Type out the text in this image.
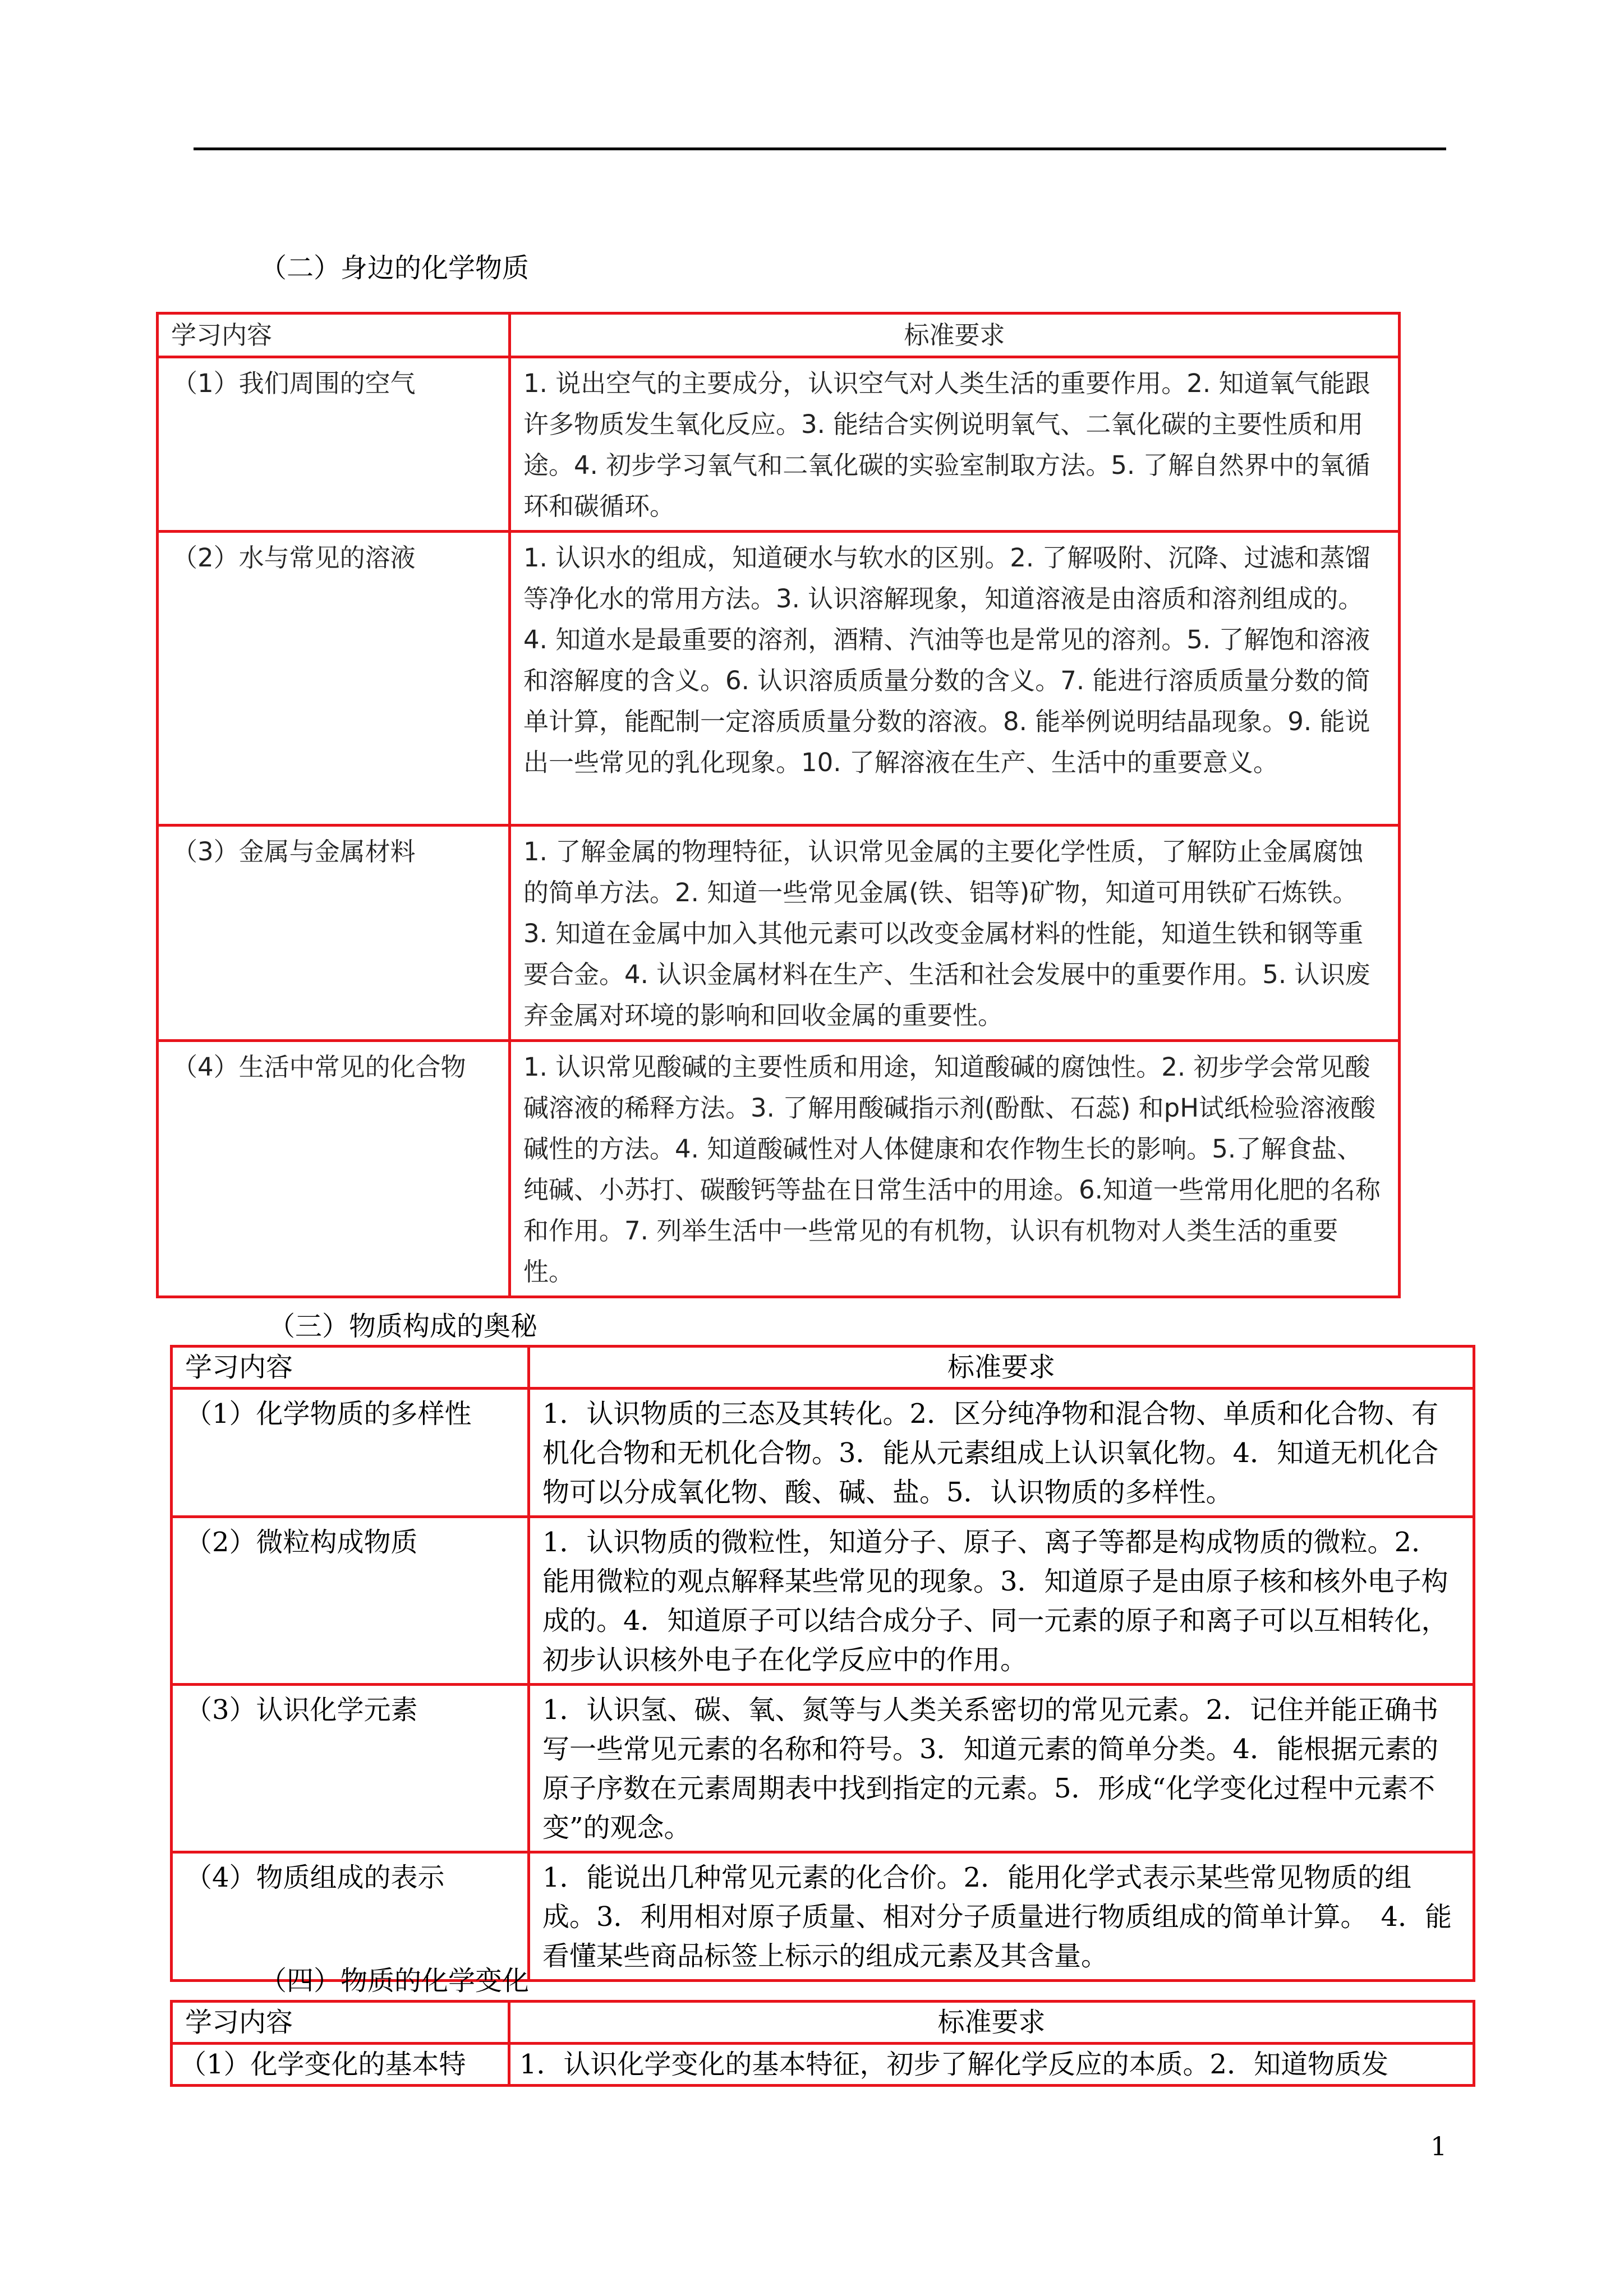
（二）身边的化学物质
学习内容	标准要求
（1）我们周围的空气	1. 说出空气的主要成分，认识空气对人类生活的重要作用。2. 知道氧气能跟许多物质发生氧化反应。3. 能结合实例说明氧气、二氧化碳的主要性质和用途。4. 初步学习氧气和二氧化碳的实验室制取方法。5. 了解自然界中的氧循环和碳循环。
（2）水与常见的溶液	1. 认识水的组成，知道硬水与软水的区别。2. 了解吸附、沉降、过滤和蒸馏等净化水的常用方法。3. 认识溶解现象，知道溶液是由溶质和溶剂组成的。4. 知道水是最重要的溶剂，酒精、汽油等也是常见的溶剂。5. 了解饱和溶液和溶解度的含义。6. 认识溶质质量分数的含义。7. 能进行溶质质量分数的简单计算，能配制一定溶质质量分数的溶液。8. 能举例说明结晶现象。9. 能说出一些常见的乳化现象。10. 了解溶液在生产、生活中的重要意义。
（3）金属与金属材料	1. 了解金属的物理特征，认识常见金属的主要化学性质，了解防止金属腐蚀的简单方法。2. 知道一些常见金属(铁、铝等)矿物，知道可用铁矿石炼铁。 3. 知道在金属中加入其他元素可以改变金属材料的性能，知道生铁和钢等重要合金。4. 认识金属材料在生产、生活和社会发展中的重要作用。5. 认识废弃金属对环境的影响和回收金属的重要性。
（4）生活中常见的化合物	1. 认识常见酸碱的主要性质和用途，知道酸碱的腐蚀性。2. 初步学会常见酸碱溶液的稀释方法。3. 了解用酸碱指示剂(酚酞、石蕊) 和pH试纸检验溶液酸碱性的方法。4. 知道酸碱性对人体健康和农作物生长的影响。5.了解食盐、纯碱、小苏打、碳酸钙等盐在日常生活中的用途。6.知道一些常用化肥的名称和作用。7. 列举生活中一些常见的有机物，认识有机物对人类生活的重要性。
（三）物质构成的奥秘
学习内容	标准要求
（1）化学物质的多样性	1．认识物质的三态及其转化。2．区分纯净物和混合物、单质和化合物、有机化合物和无机化合物。3．能从元素组成上认识氧化物。4．知道无机化合物可以分成氧化物、酸、碱、盐。5．认识物质的多样性。
（2）微粒构成物质	1．认识物质的微粒性，知道分子、原子、离子等都是构成物质的微粒。2．能用微粒的观点解释某些常见的现象。3．知道原子是由原子核和核外电子构成的。4．知道原子可以结合成分子、同一元素的原子和离子可以互相转化，初步认识核外电子在化学反应中的作用。
（3）认识化学元素	1．认识氢、碳、氧、氮等与人类关系密切的常见元素。2．记住并能正确书写一些常见元素的名称和符号。3．知道元素的简单分类。4．能根据元素的原子序数在元素周期表中找到指定的元素。5．形成“化学变化过程中元素不变”的观念。
（4）物质组成的表示	1．能说出几种常见元素的化合价。2．能用化学式表示某些常见物质的组成。3．利用相对原子质量、相对分子质量进行物质组成的简单计算。　4．能看懂某些商品标签上标示的组成元素及其含量。
（四）物质的化学变化
学习内容	标准要求
（1）化学变化的基本特	1．认识化学变化的基本特征，初步了解化学反应的本质。2．知道物质发
1
